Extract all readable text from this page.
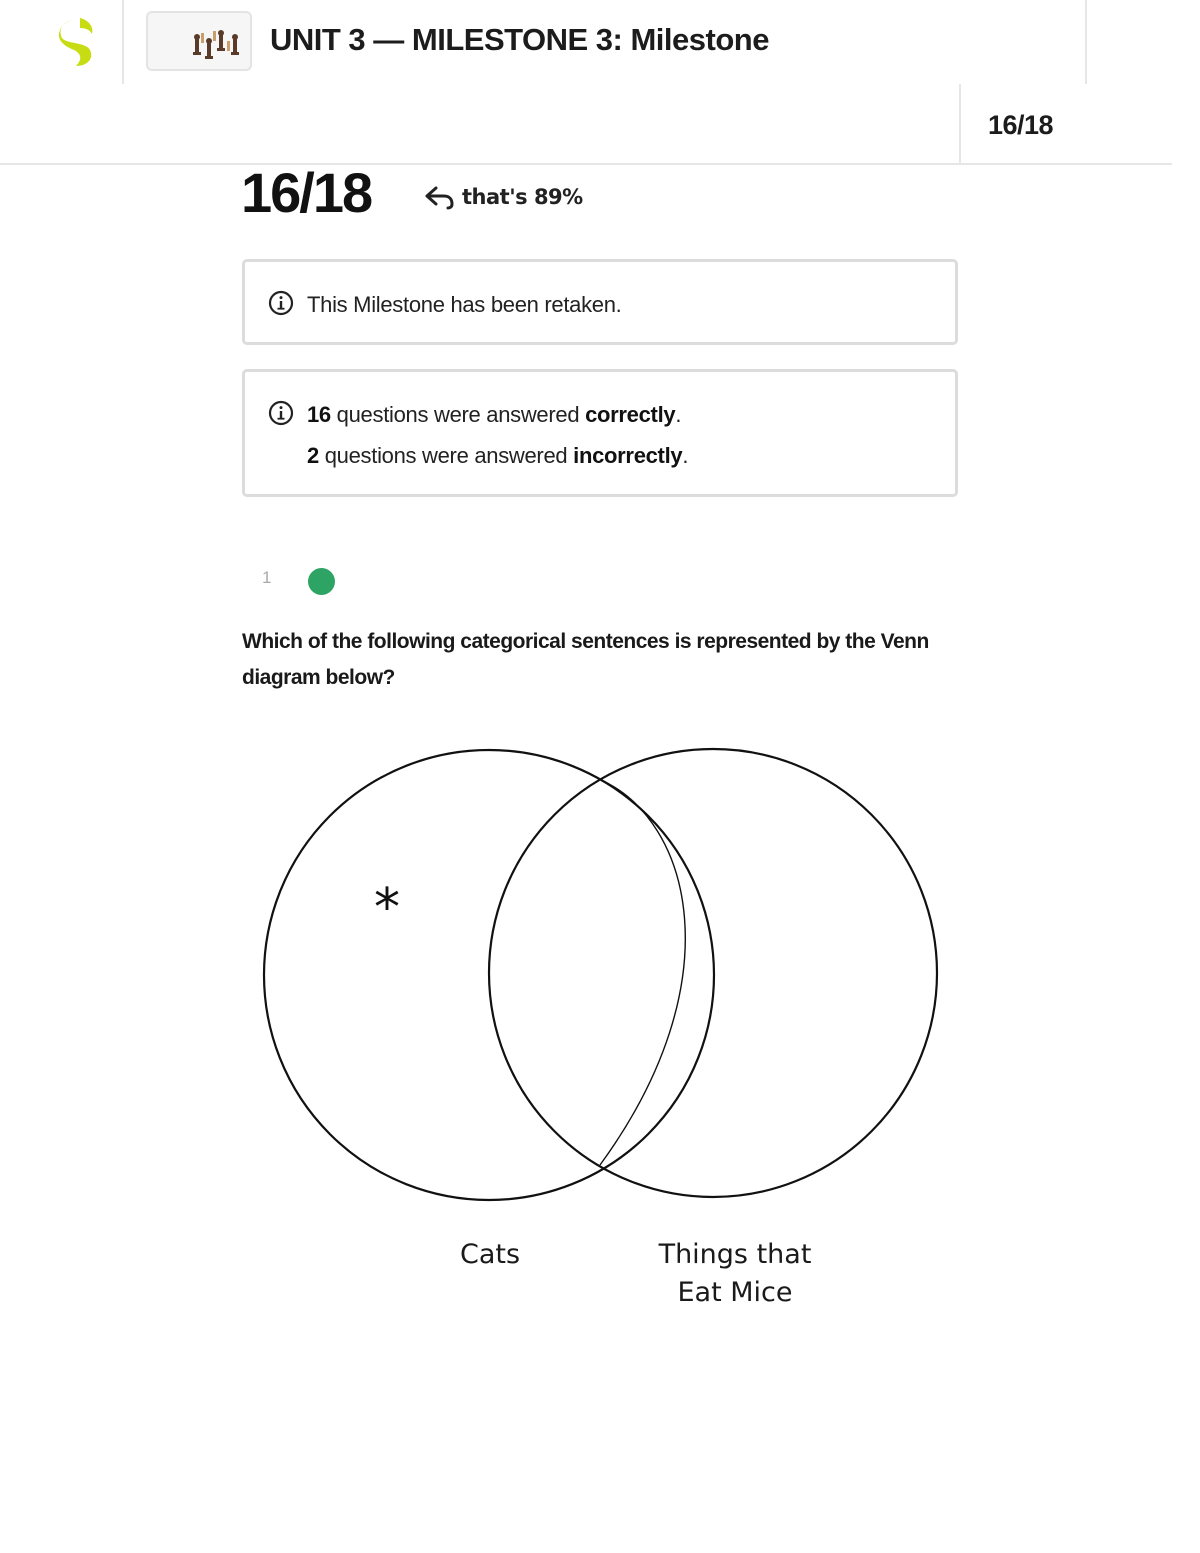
UNIT 3 — MILESTONE 3: Milestone
16/18
16/18	that's 89%
This Milestone has been retaken.
16 questions were answered correctly.
2 questions were answered incorrectly.
1
Which of the following categorical sentences is represented by the Venn diagram below?
*
Cats	Things that
Eat Mice
